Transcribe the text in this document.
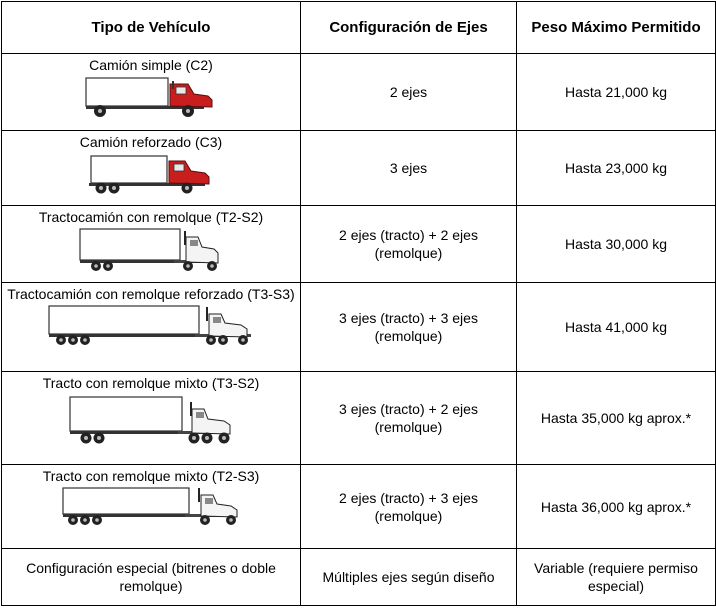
Tipo de Vehículo	Configuración de Ejes	Peso Máximo Permitido

Camión simple (C2)	2 ejes	Hasta 21,000 kg

Camión reforzado (C3)	3 ejes	Hasta 23,000 kg

Tractocamión con remolque (T2-S2)	2 ejes (tracto) + 2 ejes (remolque)	Hasta 30,000 kg

Tractocamión con remolque reforzado (T3-S3)	3 ejes (tracto) + 3 ejes (remolque)	Hasta 41,000 kg

Tracto con remolque mixto (T3-S2)	3 ejes (tracto) + 2 ejes (remolque)	Hasta 35,000 kg aprox.*

Tracto con remolque mixto (T2-S3)	2 ejes (tracto) + 3 ejes (remolque)	Hasta 36,000 kg aprox.*

Configuración especial (bitrenes o doble remolque)	Múltiples ejes según diseño	Variable (requiere permiso especial)
